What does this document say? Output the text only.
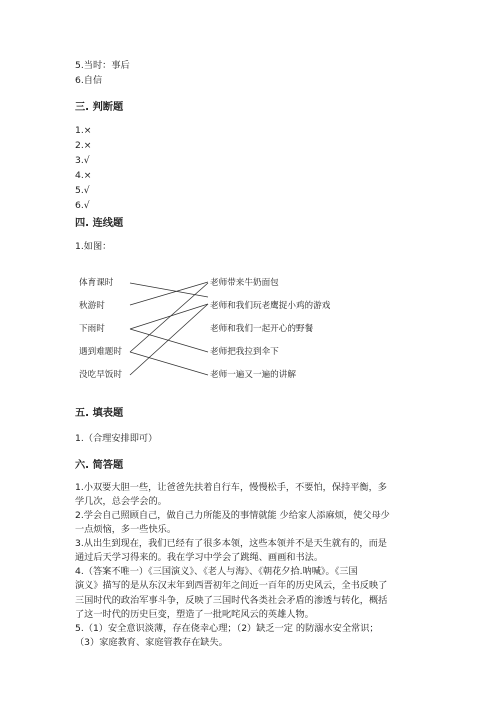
5.当时：事后
6.自信
三. 判断题
1.×
2.×
3.√
4.×
5.√
6.√
四. 连线题
1.如图：
体育课时
秋游时
下雨时
遇到难题时
没吃早饭时
老师带来牛奶面包
老师和我们玩老鹰捉小鸡的游戏
老师和我们一起开心的野餐
老师把我拉到伞下
老师一遍又一遍的讲解
五. 填表题
1.（合理安排即可）
六. 简答题
1.小双要大胆一些，让爸爸先扶着自行车，慢慢松手，不要怕，保持平衡，多
学几次，总会学会的。
2.学会自己照顾自己，做自己力所能及的事情就能 少给家人添麻烦，使父母少
一点烦恼，多一些快乐。
3.从出生到现在，我们已经有了很多本领，这些本领并不是天生就有的，而是
通过后天学习得来的。我在学习中学会了跳绳、画画和书法。
4.（答案不唯一）《三国演义》、《老人与海》、《朝花夕拾.呐喊》。《三国
演义》描写的是从东汉末年到西晋初年之间近一百年的历史风云，全书反映了
三国时代的政治军事斗争，反映了三国时代各类社会矛盾的渗透与转化，概括
了这一时代的历史巨变，塑造了一批叱咤风云的英雄人物。
5.（1）安全意识淡薄，存在侥幸心理；（2）缺乏一定 的防溺水安全常识；
（3）家庭教育、家庭管教存在缺失。
